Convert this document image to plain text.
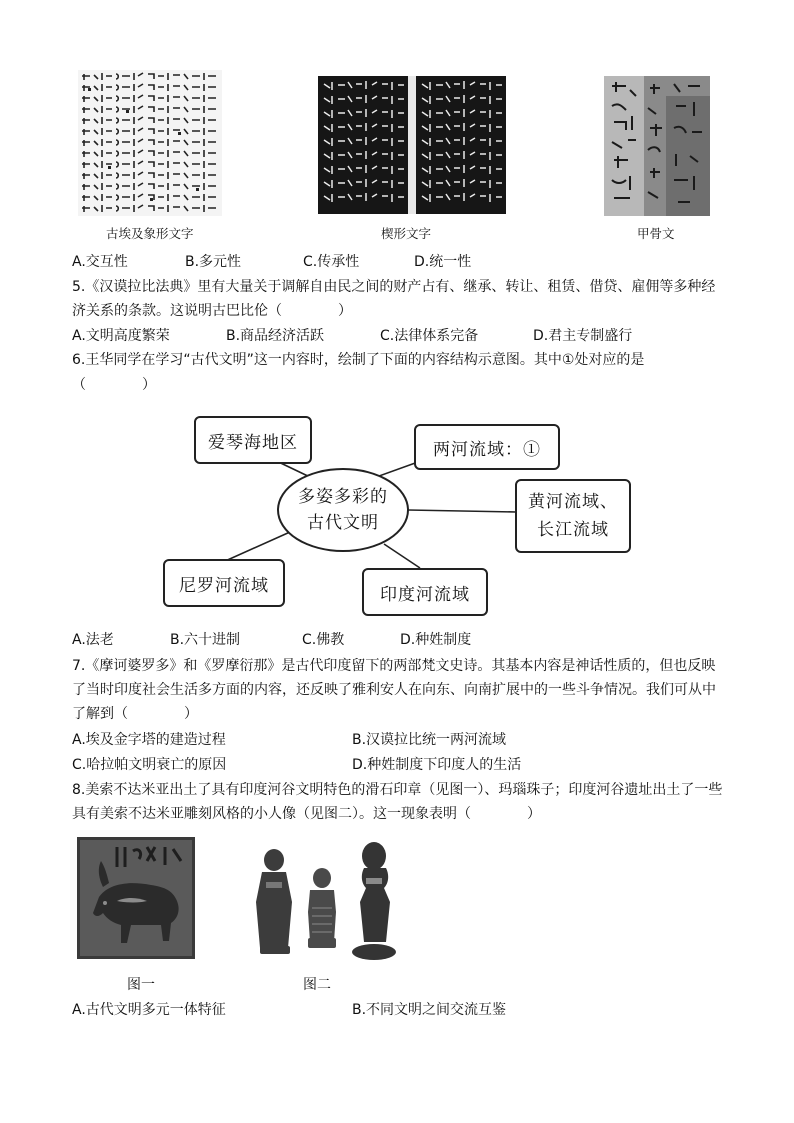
古埃及象形文字	楔形文字	甲骨文
A.交互性	B.多元性	C.传承性	D.统一性
5.《汉谟拉比法典》里有大量关于调解自由民之间的财产占有、继承、转让、租赁、借贷、雇佣等多种经
济关系的条款。这说明古巴比伦（　　　　）
A.文明高度繁荣	B.商品经济活跃	C.法律体系完备	D.君主专制盛行
6.王华同学在学习“古代文明”这一内容时，绘制了下面的内容结构示意图。其中①处对应的是
（　　　　）
多姿多彩的
古代文明
爱琴海地区	两河流域：①
黄河流域、
长江流域
尼罗河流域	印度河流域
A.法老	B.六十进制	C.佛教	D.种姓制度
7.《摩诃婆罗多》和《罗摩衍那》是古代印度留下的两部梵文史诗。其基本内容是神话性质的，但也反映
了当时印度社会生活多方面的内容，还反映了雅利安人在向东、向南扩展中的一些斗争情况。我们可从中
了解到（　　　　）
A.埃及金字塔的建造过程	B.汉谟拉比统一两河流域
C.哈拉帕文明衰亡的原因	D.种姓制度下印度人的生活
8.美索不达米亚出土了具有印度河谷文明特色的滑石印章（见图一）、玛瑙珠子；印度河谷遗址出土了一些
具有美索不达米亚雕刻风格的小人像（见图二）。这一现象表明（　　　　）
图一	图二
A.古代文明多元一体特征	B.不同文明之间交流互鉴
